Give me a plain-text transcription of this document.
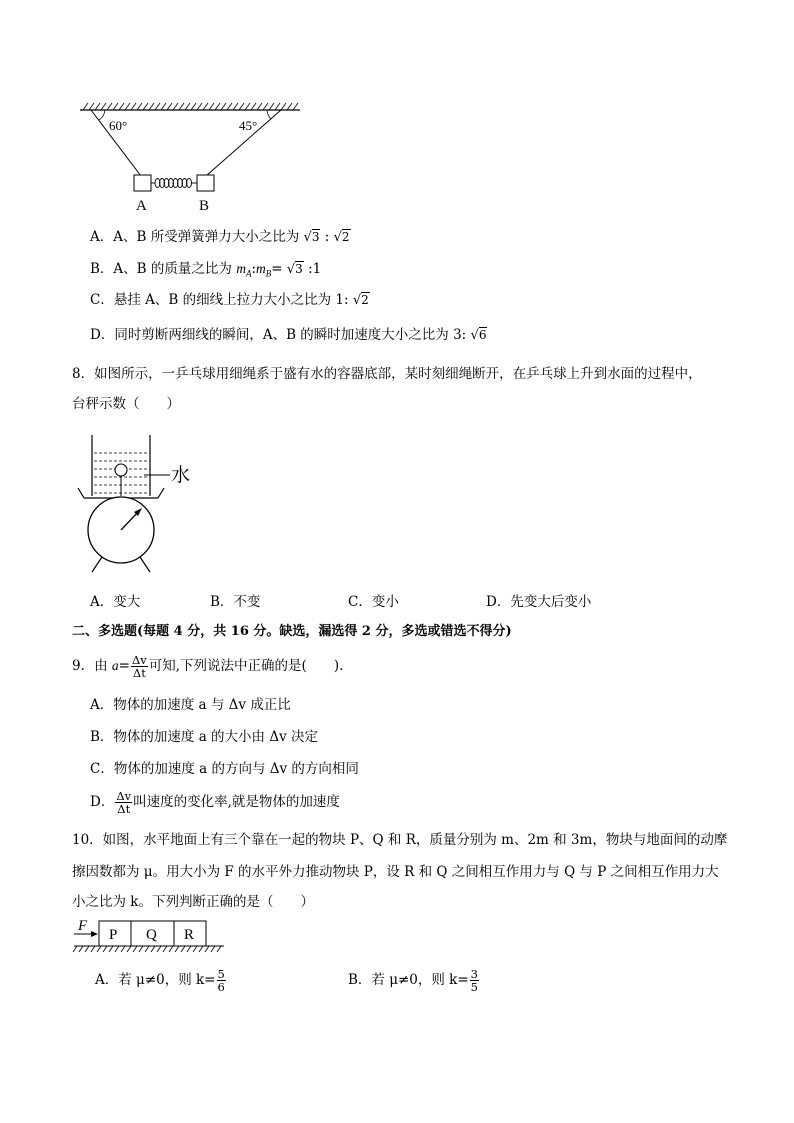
60°	45°
A	B
A．A、B 所受弹簧弹力大小之比为 √3 : √2
B．A、B 的质量之比为 $m_A:m_B= √3$ :1
C．悬挂 A、B 的细线上拉力大小之比为 1: √2
D．同时剪断两细线的瞬间，A、B 的瞬时加速度大小之比为 3: √6
8．如图所示，一乒乓球用细绳系于盛有水的容器底部，某时刻细绳断开，在乒乓球上升到水面的过程中，
台秤示数（　　）
水
A．变大	B．不变	C．变小	D．先变大后变小
二、多选题(每题 4 分，共 16 分。缺选，漏选得 2 分，多选或错选不得分)
9．由 $a= \frac{\Delta v}{\Delta t}$ 可知,下列说法中正确的是(　　).
A．物体的加速度 a 与 Δv 成正比
B．物体的加速度 a 的大小由 Δv 决定
C．物体的加速度 a 的方向与 Δv 的方向相同
D． $\frac{\Delta v}{\Delta t}$ 叫速度的变化率,就是物体的加速度
10．如图，水平地面上有三个靠在一起的物块 P、Q 和 R，质量分别为 m、2m 和 3m，物块与地面间的动摩
擦因数都为 μ。用大小为 F 的水平外力推动物块 P，设 R 和 Q 之间相互作用力与 Q 与 P 之间相互作用力大
小之比为 k。下列判断正确的是（　　）
F
P Q R
A．若 μ≠0，则 $k= \frac{5}{6}$	B．若 μ≠0，则 $k= \frac{3}{5}$
